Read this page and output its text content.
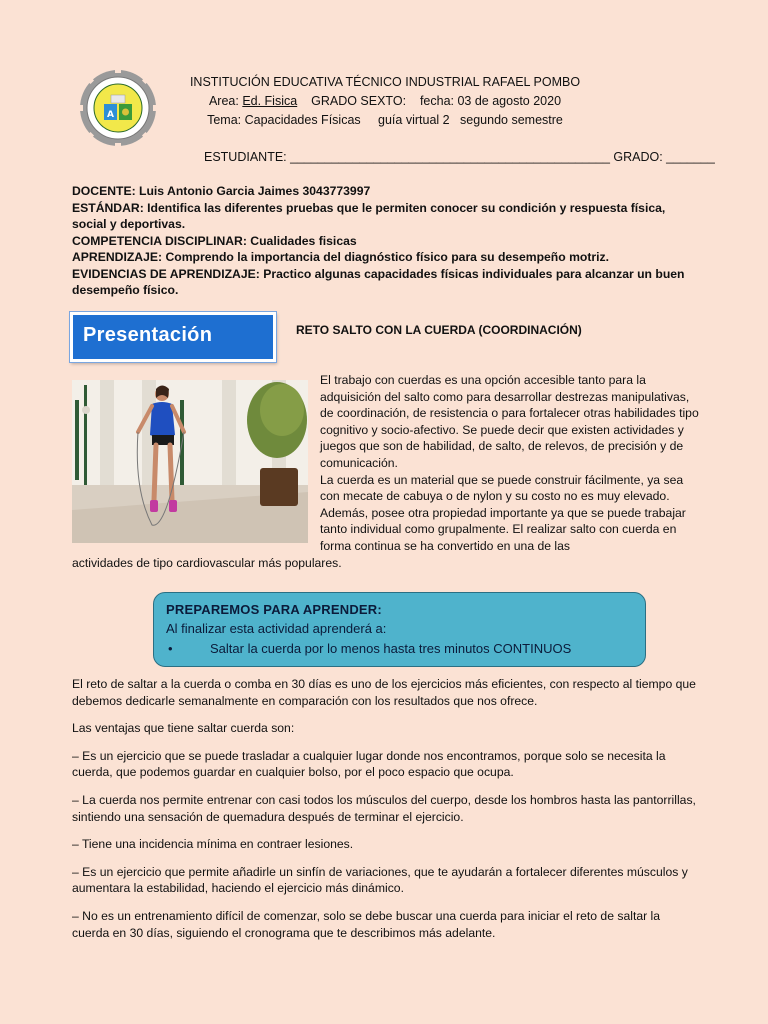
A
INSTITUCIÓN EDUCATIVA TÉCNICO INDUSTRIAL RAFAEL POMBO
Area: Ed. Fisica GRADO SEXTO: fecha: 03 de agosto 2020
Tema: Capacidades Físicas guía virtual 2 segundo semestre
ESTUDIANTE: ______________________________________________ GRADO: _______
DOCENTE: Luis Antonio Garcia Jaimes 3043773997
ESTÁNDAR: Identifica las diferentes pruebas que le permiten conocer su condición y respuesta física, social y deportivas.
COMPETENCIA DISCIPLINAR: Cualidades fisicas
APRENDIZAJE: Comprendo la importancia del diagnóstico físico para su desempeño motriz.
EVIDENCIAS DE APRENDIZAJE: Practico algunas capacidades físicas individuales para alcanzar un buen desempeño físico.
Presentación	RETO SALTO CON LA CUERDA (COORDINACIÓN)

El trabajo con cuerdas es una opción accesible tanto para la adquisición del salto como para desarrollar destrezas manipulativas, de coordinación, de resistencia o para fortalecer otras habilidades tipo cognitivo y socio-afectivo. Se puede decir que existen actividades y juegos que son de habilidad, de salto, de relevos, de precisión y de comunicación.

La cuerda es un material que se puede construir fácilmente, ya sea con mecate de cabuya o de nylon y su costo no es muy elevado. Además, posee otra propiedad importante ya que se puede trabajar tanto individual como grupalmente. El realizar salto con cuerda en forma continua se ha convertido en una de las

actividades de tipo cardiovascular más populares.
PREPAREMOS PARA APRENDER:
Al finalizar esta actividad aprenderá a:
•	Saltar la cuerda por lo menos hasta tres minutos CONTINUOS

El reto de saltar a la cuerda o comba en 30 días es uno de los ejercicios más eficientes, con respecto al tiempo que debemos dedicarle semanalmente en comparación con los resultados que nos ofrece.

Las ventajas que tiene saltar cuerda son:

– Es un ejercicio que se puede trasladar a cualquier lugar donde nos encontramos, porque solo se necesita la cuerda, que podemos guardar en cualquier bolso, por el poco espacio que ocupa.

– La cuerda nos permite entrenar con casi todos los músculos del cuerpo, desde los hombros hasta las pantorrillas, sintiendo una sensación de quemadura después de terminar el ejercicio.

– Tiene una incidencia mínima en contraer lesiones.

– Es un ejercicio que permite añadirle un sinfín de variaciones, que te ayudarán a fortalecer diferentes músculos y aumentara la estabilidad, haciendo el ejercicio más dinámico.

– No es un entrenamiento difícil de comenzar, solo se debe buscar una cuerda para iniciar el reto de saltar la cuerda en 30 días, siguiendo el cronograma que te describimos más adelante.
